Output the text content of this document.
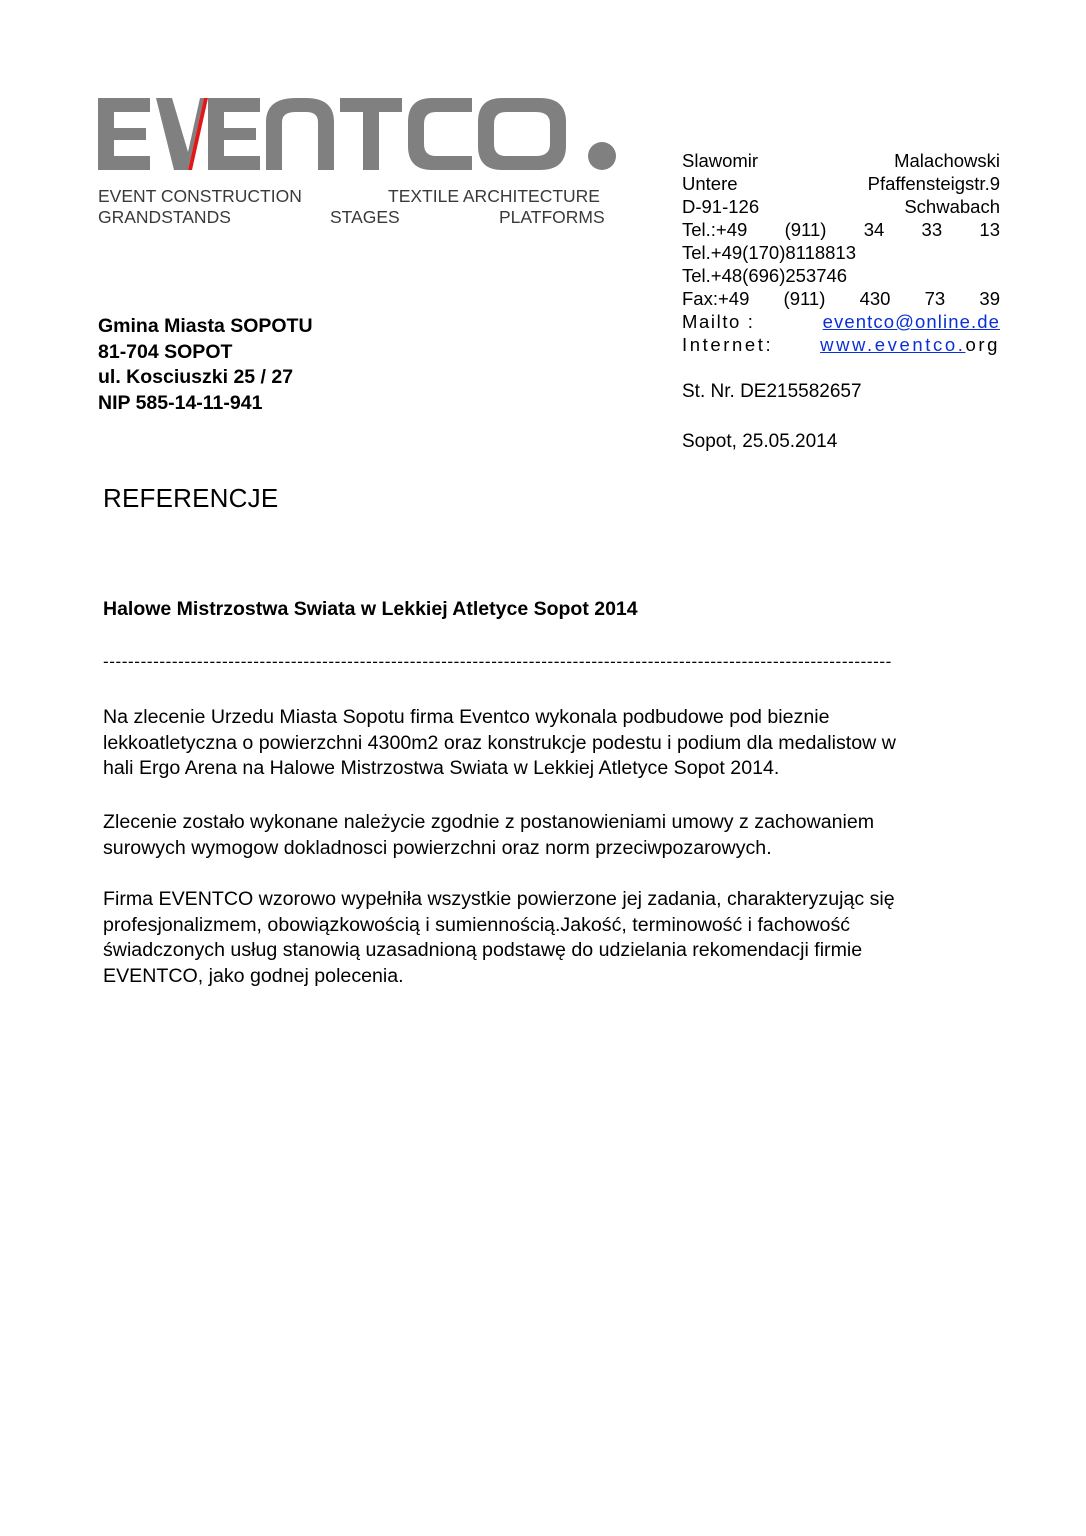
EVENT CONSTRUCTION	TEXTILE ARCHITECTURE
GRANDSTANDS	STAGES	PLATFORMS
Slawomir Malachowski
Untere Pfaffensteigstr.9
D-91-126 Schwabach
Tel.:+49 (911) 34 33 13
Tel.+49(170)8118813
Tel.+48(696)253746
Fax:+49 (911) 430 73 39
Mailto :	eventco@online.de
Internet: www.eventco.org
St. Nr. DE215582657
Sopot, 25.05.2014
Gmina Miasta SOPOTU
81-704 SOPOT
ul. Kosciuszki 25 / 27
NIP 585-14-11-941
REFERENCJE
Halowe Mistrzostwa Swiata w Lekkiej Atletyce Sopot 2014
------------------------------------------------------------------------------------------------------------------------------
Na zlecenie Urzedu Miasta Sopotu firma Eventco wykonala podbudowe pod bieznie
lekkoatletyczna o powierzchni 4300m2 oraz konstrukcje podestu i podium dla medalistow w
hali Ergo Arena na Halowe Mistrzostwa Swiata w Lekkiej Atletyce Sopot 2014.
Zlecenie zostało wykonane należycie zgodnie z postanowieniami umowy z zachowaniem
surowych wymogow dokladnosci powierzchni oraz norm przeciwpozarowych.
Firma EVENTCO wzorowo wypełniła wszystkie powierzone jej zadania, charakteryzując się
profesjonalizmem, obowiązkowością i sumiennością.Jakość, terminowość i fachowość
świadczonych usług stanowią uzasadnioną podstawę do udzielania rekomendacji firmie
EVENTCO, jako godnej polecenia.
